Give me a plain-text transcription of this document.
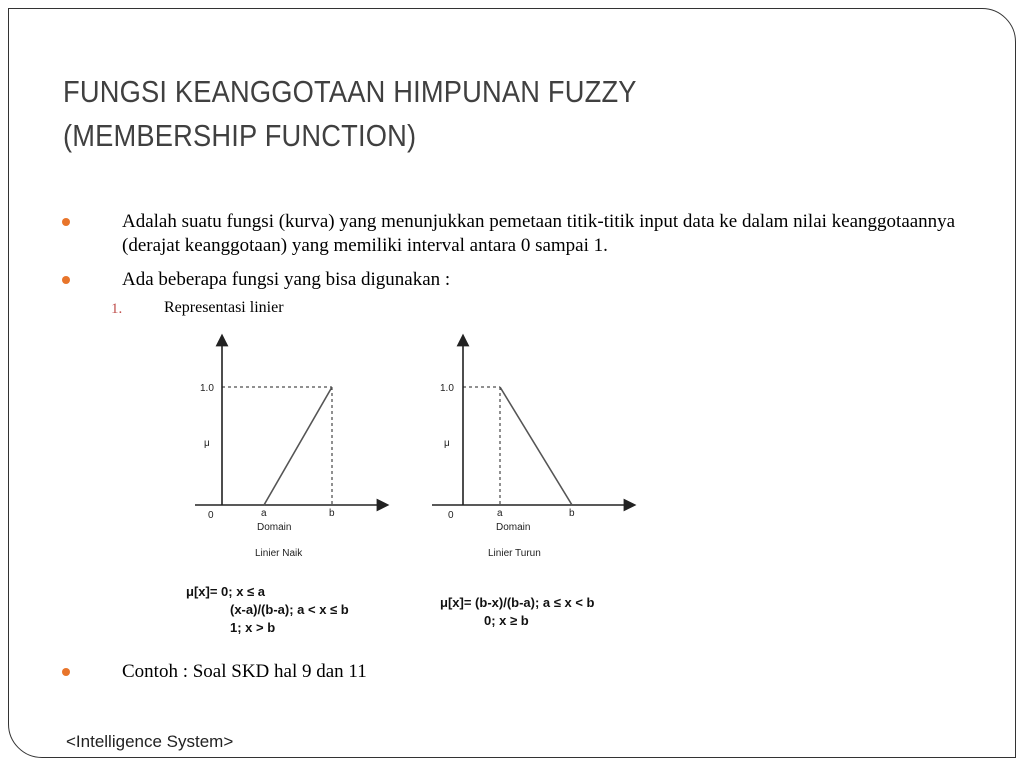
FUNGSI KEANGGOTAAN HIMPUNAN FUZZY (MEMBERSHIP FUNCTION)
Adalah suatu fungsi (kurva) yang menunjukkan pemetaan titik-titik input data ke dalam nilai keanggotaannya (derajat keanggotaan) yang memiliki interval antara 0 sampai 1.
Ada beberapa fungsi yang bisa digunakan :
1.	Representasi linier
1.0
μ
0	a	b
Domain
Linier Naik
μ[x]= 0; x ≤ a
(x-a)/(b-a); a < x ≤ b
1; x > b
1.0
μ
0	a	b
Domain
Linier Turun
μ[x]= (b-x)/(b-a); a ≤ x < b
0; x ≥ b
Contoh : Soal SKD hal 9 dan 11
<Intelligence System>
